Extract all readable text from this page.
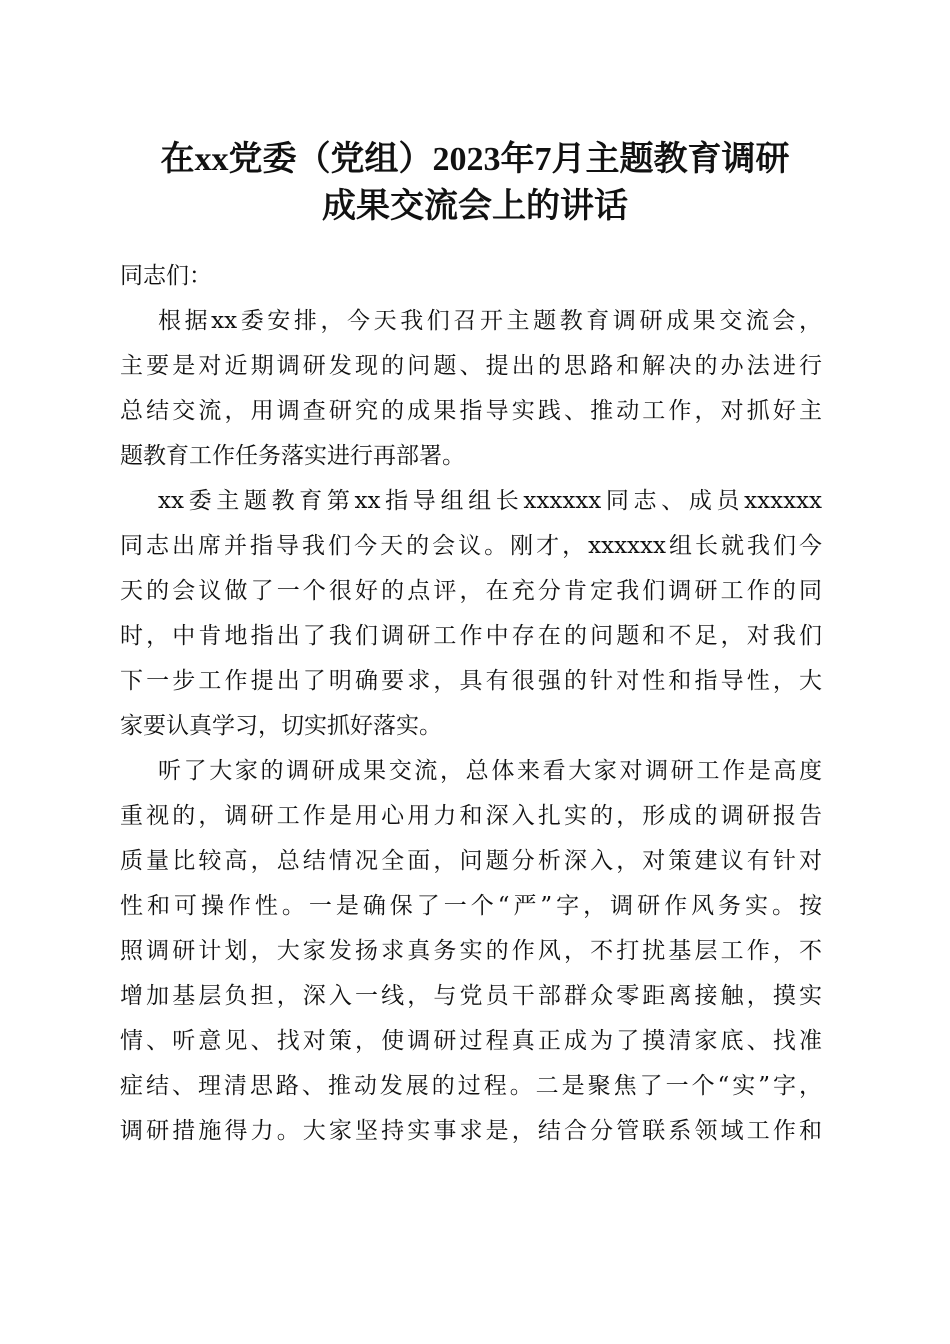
在xx党委（党组）2023年7月主题教育调研
成果交流会上的讲话
同志们：
根据xx委安排，今天我们召开主题教育调研成果交流会，
主要是对近期调研发现的问题、提出的思路和解决的办法进行
总结交流，用调查研究的成果指导实践、推动工作，对抓好主
题教育工作任务落实进行再部署。
xx委主题教育第xx指导组组长xxxxxx同志、成员xxxxxx
同志出席并指导我们今天的会议。刚才，xxxxxx组长就我们今
天的会议做了一个很好的点评，在充分肯定我们调研工作的同
时，中肯地指出了我们调研工作中存在的问题和不足，对我们
下一步工作提出了明确要求，具有很强的针对性和指导性，大
家要认真学习，切实抓好落实。
听了大家的调研成果交流，总体来看大家对调研工作是高度
重视的，调研工作是用心用力和深入扎实的，形成的调研报告
质量比较高，总结情况全面，问题分析深入，对策建议有针对
性和可操作性。一是确保了一个“严”字，调研作风务实。按
照调研计划，大家发扬求真务实的作风，不打扰基层工作，不
增加基层负担，深入一线，与党员干部群众零距离接触，摸实
情、听意见、找对策，使调研过程真正成为了摸清家底、找准
症结、理清思路、推动发展的过程。二是聚焦了一个“实”字，
调研措施得力。大家坚持实事求是，结合分管联系领域工作和
